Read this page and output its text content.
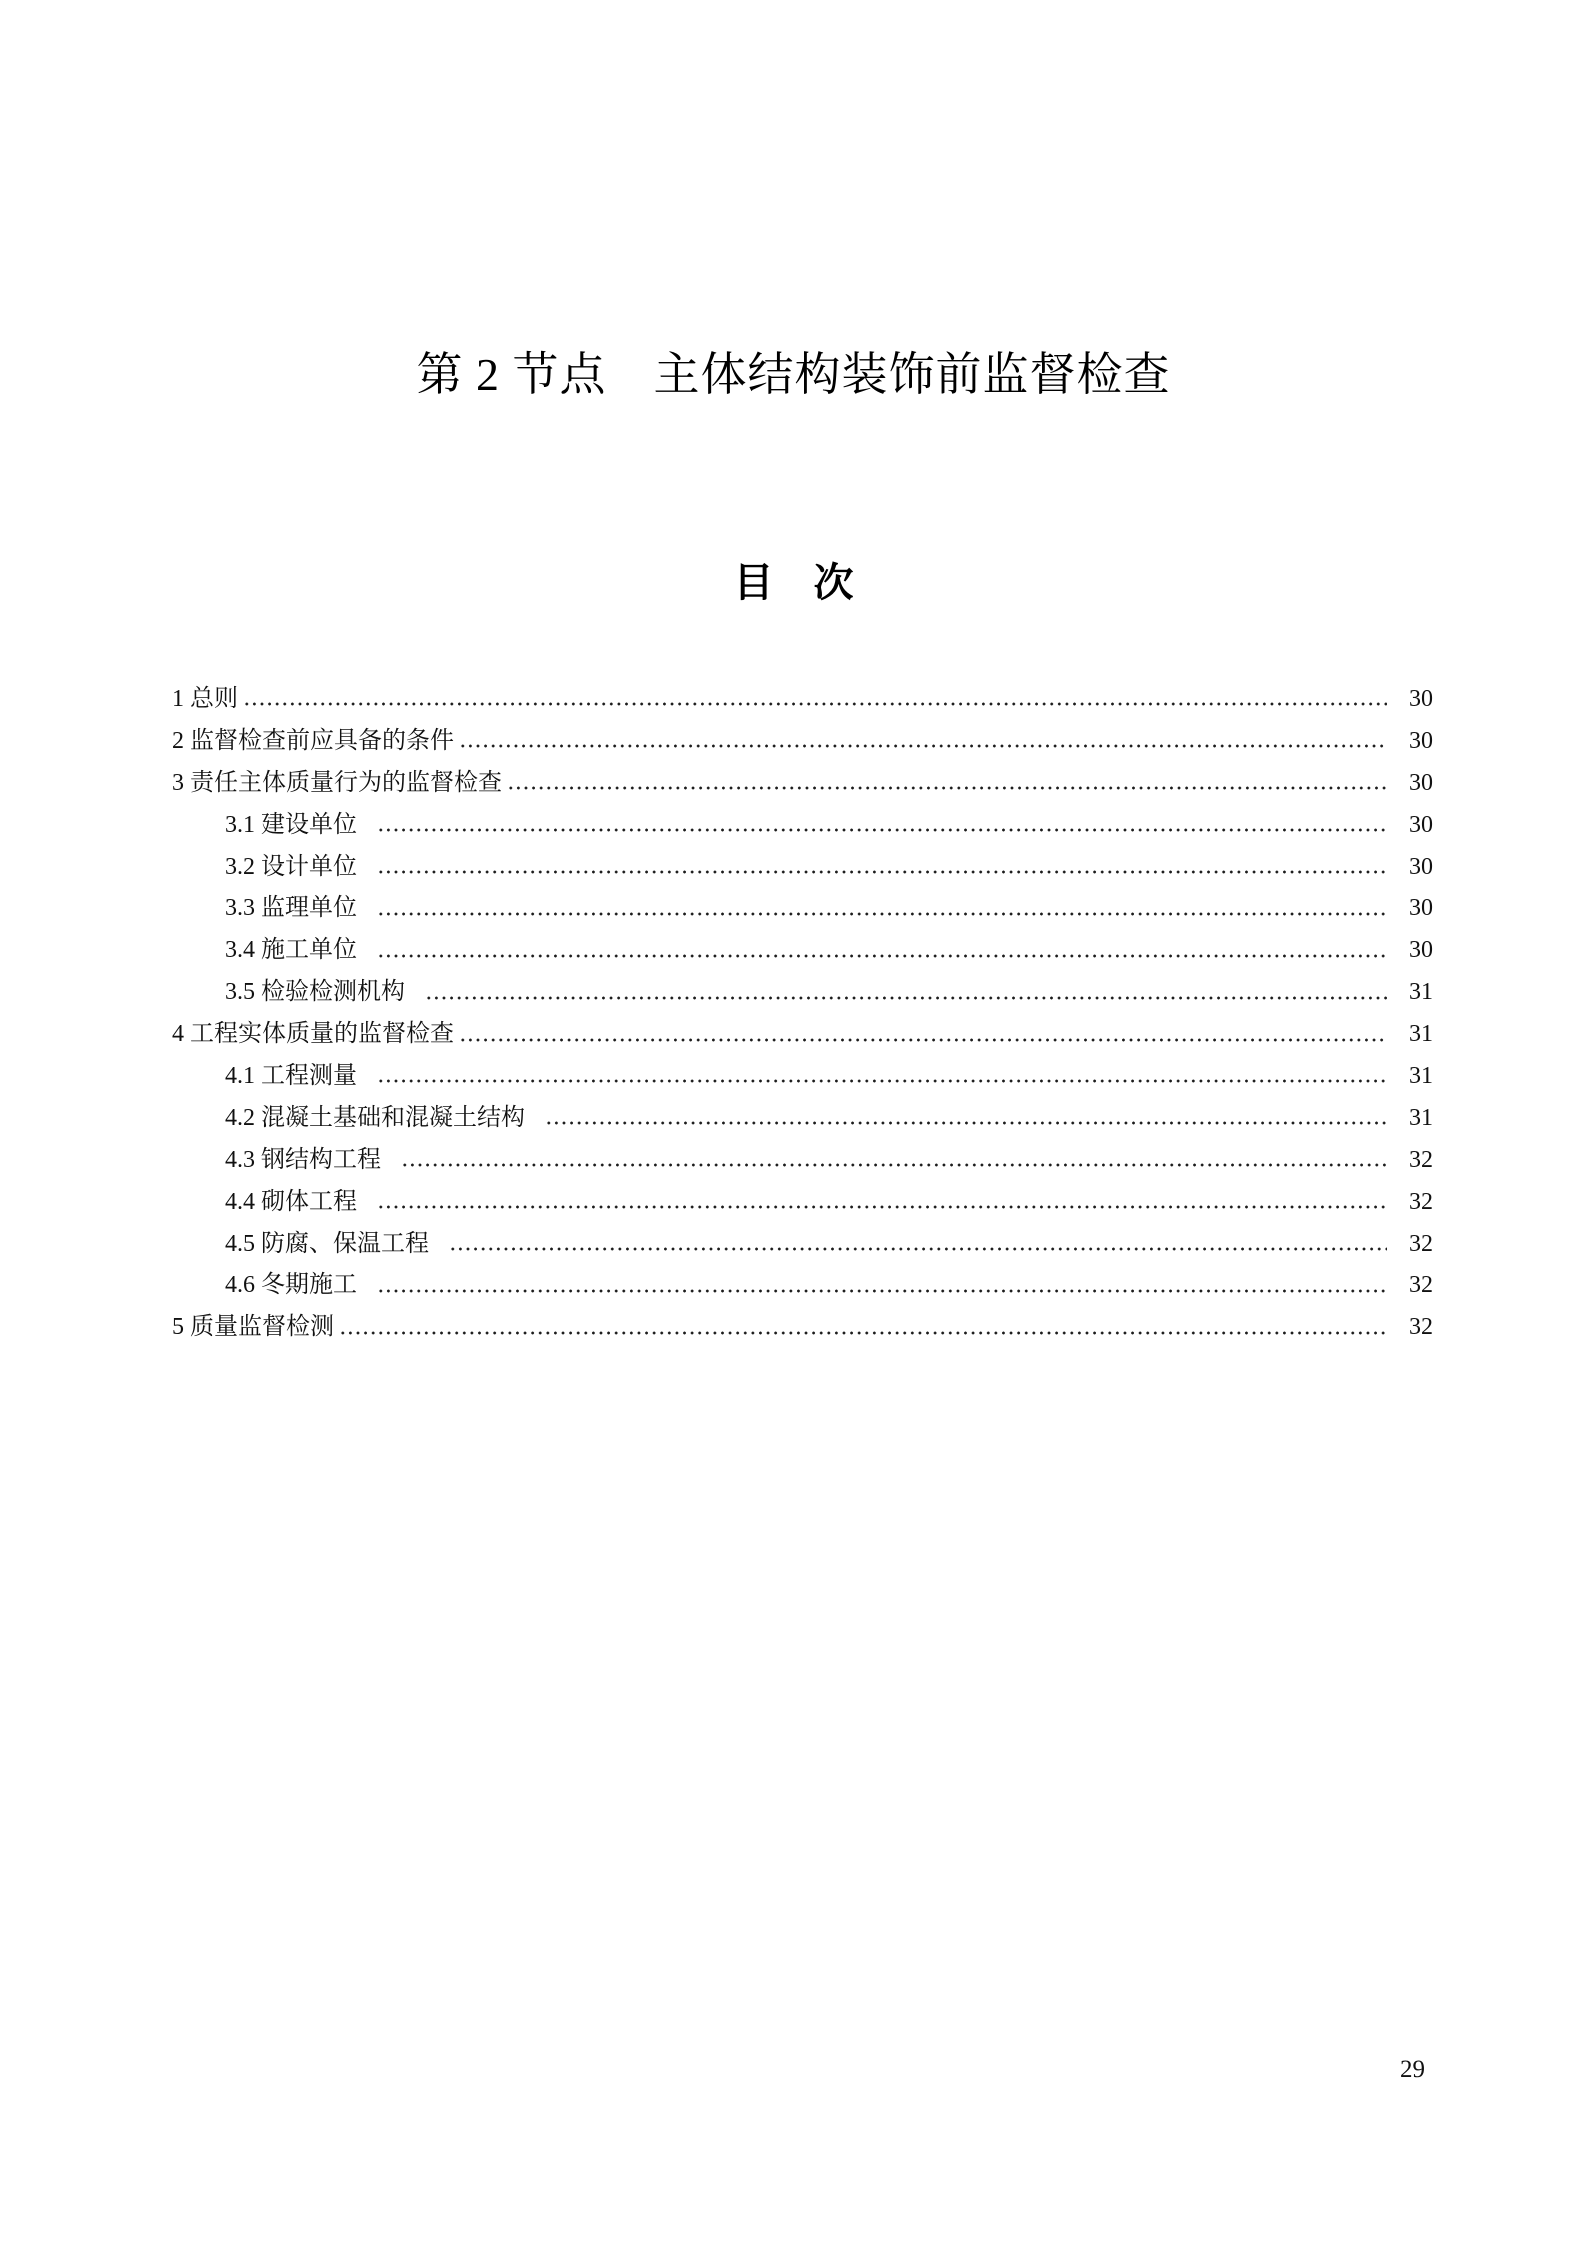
第 2 节点　主体结构装饰前监督检查
目　次
1 总则	30
2 监督检查前应具备的条件	30
3 责任主体质量行为的监督检查	30
3.1 建设单位	30
3.2 设计单位	30
3.3 监理单位	30
3.4 施工单位	30
3.5 检验检测机构	31
4 工程实体质量的监督检查	31
4.1 工程测量	31
4.2 混凝土基础和混凝土结构	31
4.3 钢结构工程	32
4.4 砌体工程	32
4.5 防腐、保温工程	32
4.6 冬期施工	32
5 质量监督检测	32
29
